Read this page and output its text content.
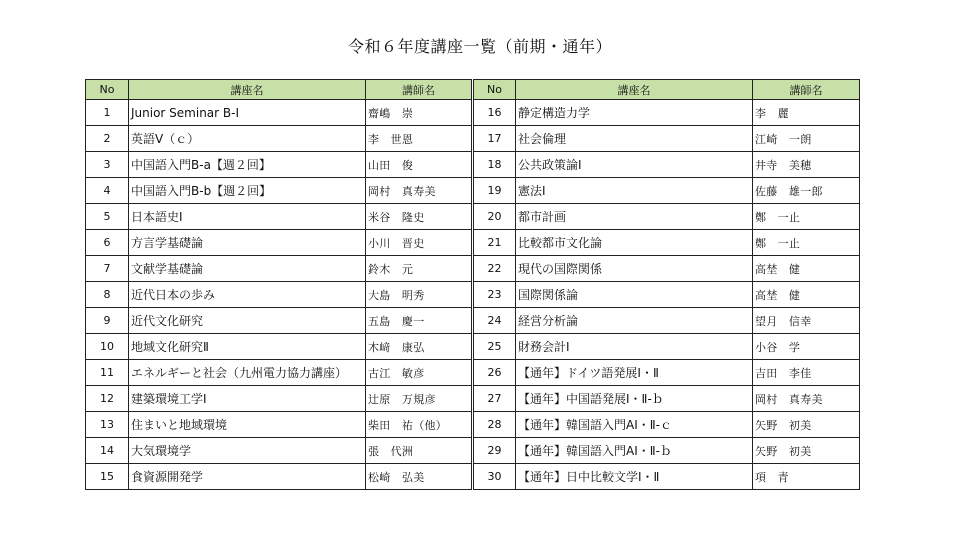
令和６年度講座一覧（前期・通年）
No	講座名	講師名	No	講座名	講師名
1	Junior Seminar B-Ⅰ	齋嶋　崇	16	静定構造力学	李　麗
2	英語Ⅴ（ｃ）	李　世恩	17	社会倫理	江崎　一朗
3	中国語入門B-a【週２回】	山田　俊	18	公共政策論Ⅰ	井寺　美穂
4	中国語入門B-b【週２回】	岡村　真寿美	19	憲法Ⅰ	佐藤　雄一郎
5	日本語史Ⅰ	米谷　隆史	20	都市計画	鄭　一止
6	方言学基礎論	小川　晋史	21	比較都市文化論	鄭　一止
7	文献学基礎論	鈴木　元	22	現代の国際関係	高埜　健
8	近代日本の歩み	大島　明秀	23	国際関係論	高埜　健
9	近代文化研究	五島　慶一	24	経営分析論	望月　信幸
10	地域文化研究Ⅱ	木﨑　康弘	25	財務会計Ⅰ	小谷　学
11	エネルギーと社会（九州電力協力講座）	古江　敏彦	26	【通年】ドイツ語発展Ⅰ・Ⅱ	吉田　李佳
12	建築環境工学Ⅰ	辻原　万規彦	27	【通年】中国語発展Ⅰ・Ⅱ-ｂ	岡村　真寿美
13	住まいと地域環境	柴田　祐（他）	28	【通年】韓国語入門AⅠ・Ⅱ-ｃ	矢野　初美
14	大気環境学	張　代洲	29	【通年】韓国語入門AⅠ・Ⅱ-ｂ	矢野　初美
15	食資源開発学	松崎　弘美	30	【通年】日中比較文学Ⅰ・Ⅱ	項　青
